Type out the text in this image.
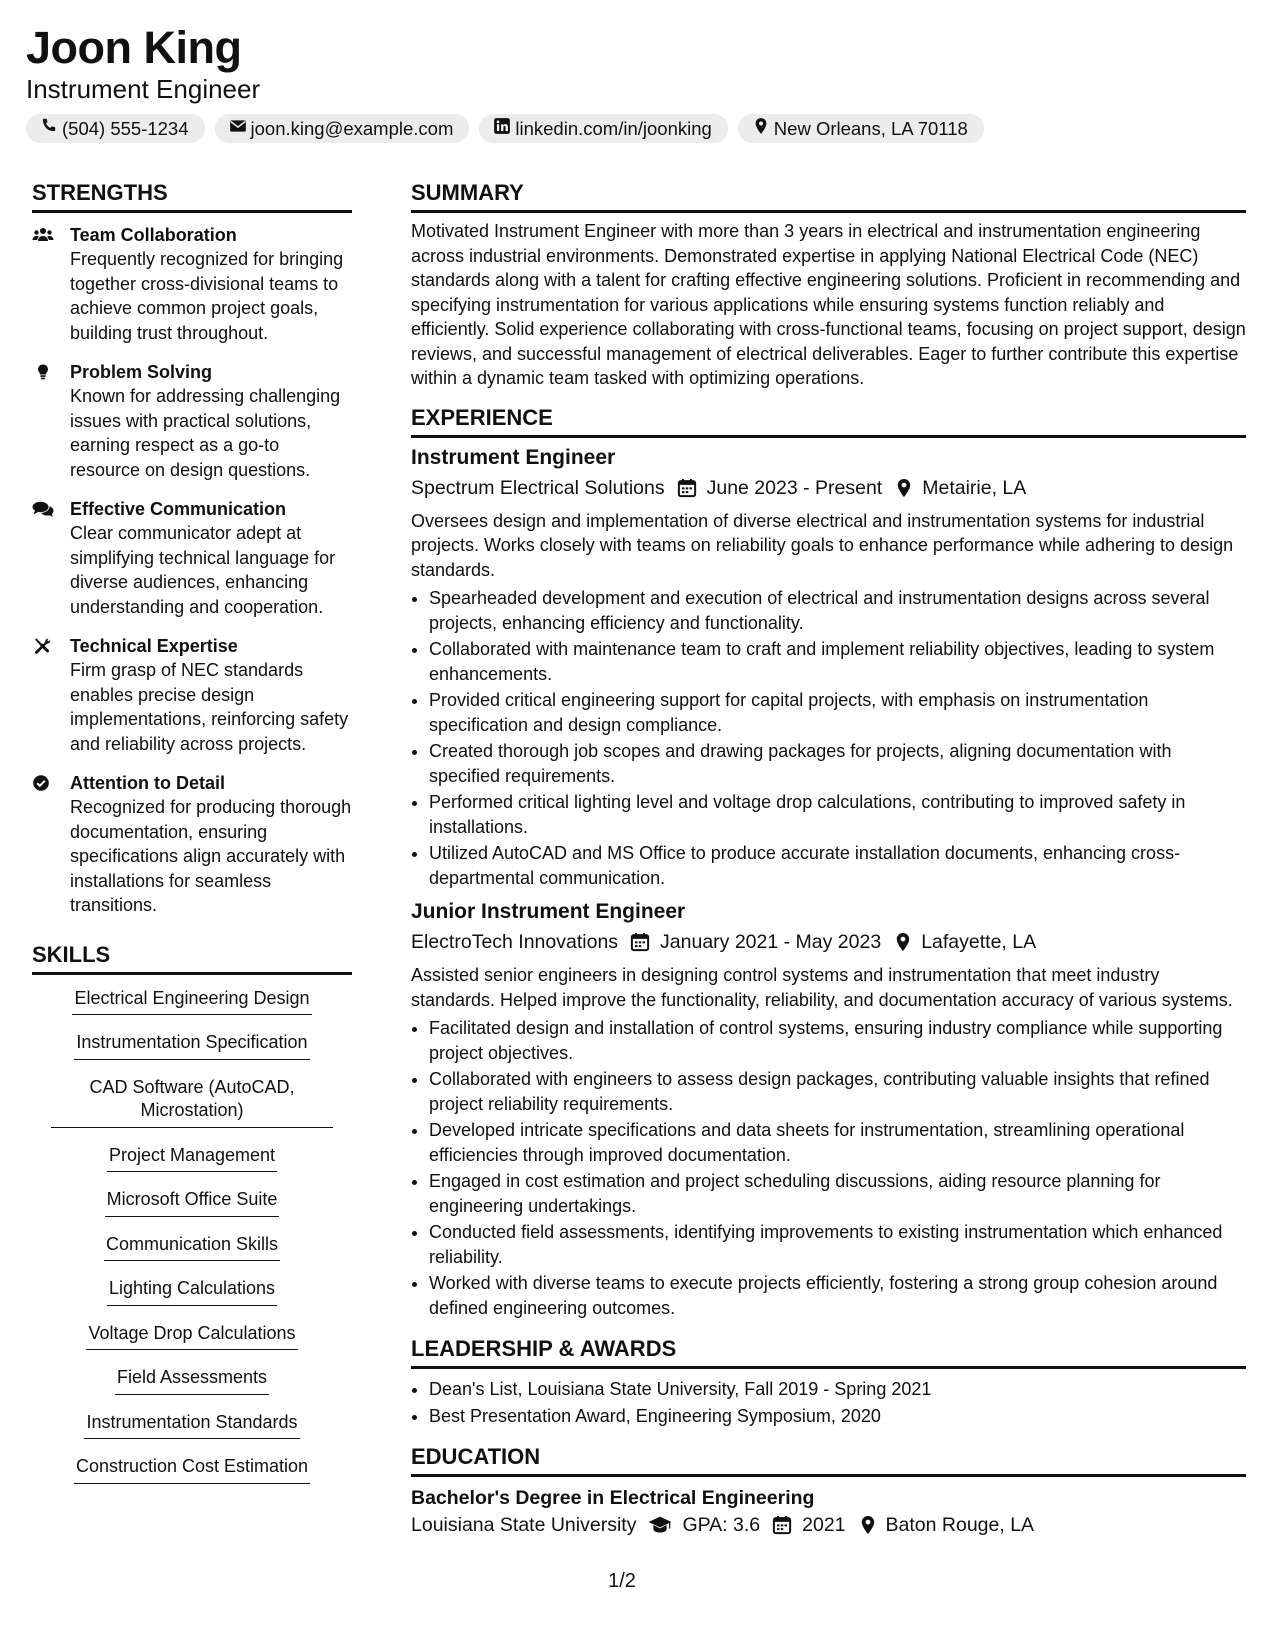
Joon King

Instrument Engineer

(504) 555-1234	joon.king@example.com	linkedin.com/in/joonking	New Orleans, LA 70118
STRENGTHS
Team Collaboration
Frequently recognized for bringing together cross-divisional teams to achieve common project goals, building trust throughout.
Problem Solving
Known for addressing challenging issues with practical solutions, earning respect as a go-to resource on design questions.
Effective Communication
Clear communicator adept at simplifying technical language for diverse audiences, enhancing understanding and cooperation.
Technical Expertise
Firm grasp of NEC standards enables precise design implementations, reinforcing safety and reliability across projects.
Attention to Detail
Recognized for producing thorough documentation, ensuring specifications align accurately with installations for seamless transitions.
SKILLS
Electrical Engineering Design
Instrumentation Specification
CAD Software (AutoCAD, Microstation)
Project Management
Microsoft Office Suite
Communication Skills
Lighting Calculations
Voltage Drop Calculations
Field Assessments
Instrumentation Standards
Construction Cost Estimation
SUMMARY

Motivated Instrument Engineer with more than 3 years in electrical and instrumentation engineering across industrial environments. Demonstrated expertise in applying National Electrical Code (NEC) standards along with a talent for crafting effective engineering solutions. Proficient in recommending and specifying instrumentation for various applications while ensuring systems function reliably and efficiently. Solid experience collaborating with cross-functional teams, focusing on project support, design reviews, and successful management of electrical deliverables. Eager to further contribute this expertise within a dynamic team tasked with optimizing operations.

EXPERIENCE
Instrument Engineer
Spectrum Electrical Solutions June 2023 - Present Metairie, LA

Oversees design and implementation of diverse electrical and instrumentation systems for industrial projects. Works closely with teams on reliability goals to enhance performance while adhering to design standards.

• Spearheaded development and execution of electrical and instrumentation designs across several projects, enhancing efficiency and functionality.
• Collaborated with maintenance team to craft and implement reliability objectives, leading to system enhancements.
• Provided critical engineering support for capital projects, with emphasis on instrumentation specification and design compliance.
• Created thorough job scopes and drawing packages for projects, aligning documentation with specified requirements.
• Performed critical lighting level and voltage drop calculations, contributing to improved safety in installations.
• Utilized AutoCAD and MS Office to produce accurate installation documents, enhancing cross-departmental communication.
Junior Instrument Engineer
ElectroTech Innovations January 2021 - May 2023 Lafayette, LA

Assisted senior engineers in designing control systems and instrumentation that meet industry standards. Helped improve the functionality, reliability, and documentation accuracy of various systems.

• Facilitated design and installation of control systems, ensuring industry compliance while supporting project objectives.
• Collaborated with engineers to assess design packages, contributing valuable insights that refined project reliability requirements.
• Developed intricate specifications and data sheets for instrumentation, streamlining operational efficiencies through improved documentation.
• Engaged in cost estimation and project scheduling discussions, aiding resource planning for engineering undertakings.
• Conducted field assessments, identifying improvements to existing instrumentation which enhanced reliability.
• Worked with diverse teams to execute projects efficiently, fostering a strong group cohesion around defined engineering outcomes.
LEADERSHIP & AWARDS
• Dean's List, Louisiana State University, Fall 2019 - Spring 2021
• Best Presentation Award, Engineering Symposium, 2020
EDUCATION
Bachelor's Degree in Electrical Engineering
Louisiana State University GPA: 3.6 2021 Baton Rouge, LA
1/2
